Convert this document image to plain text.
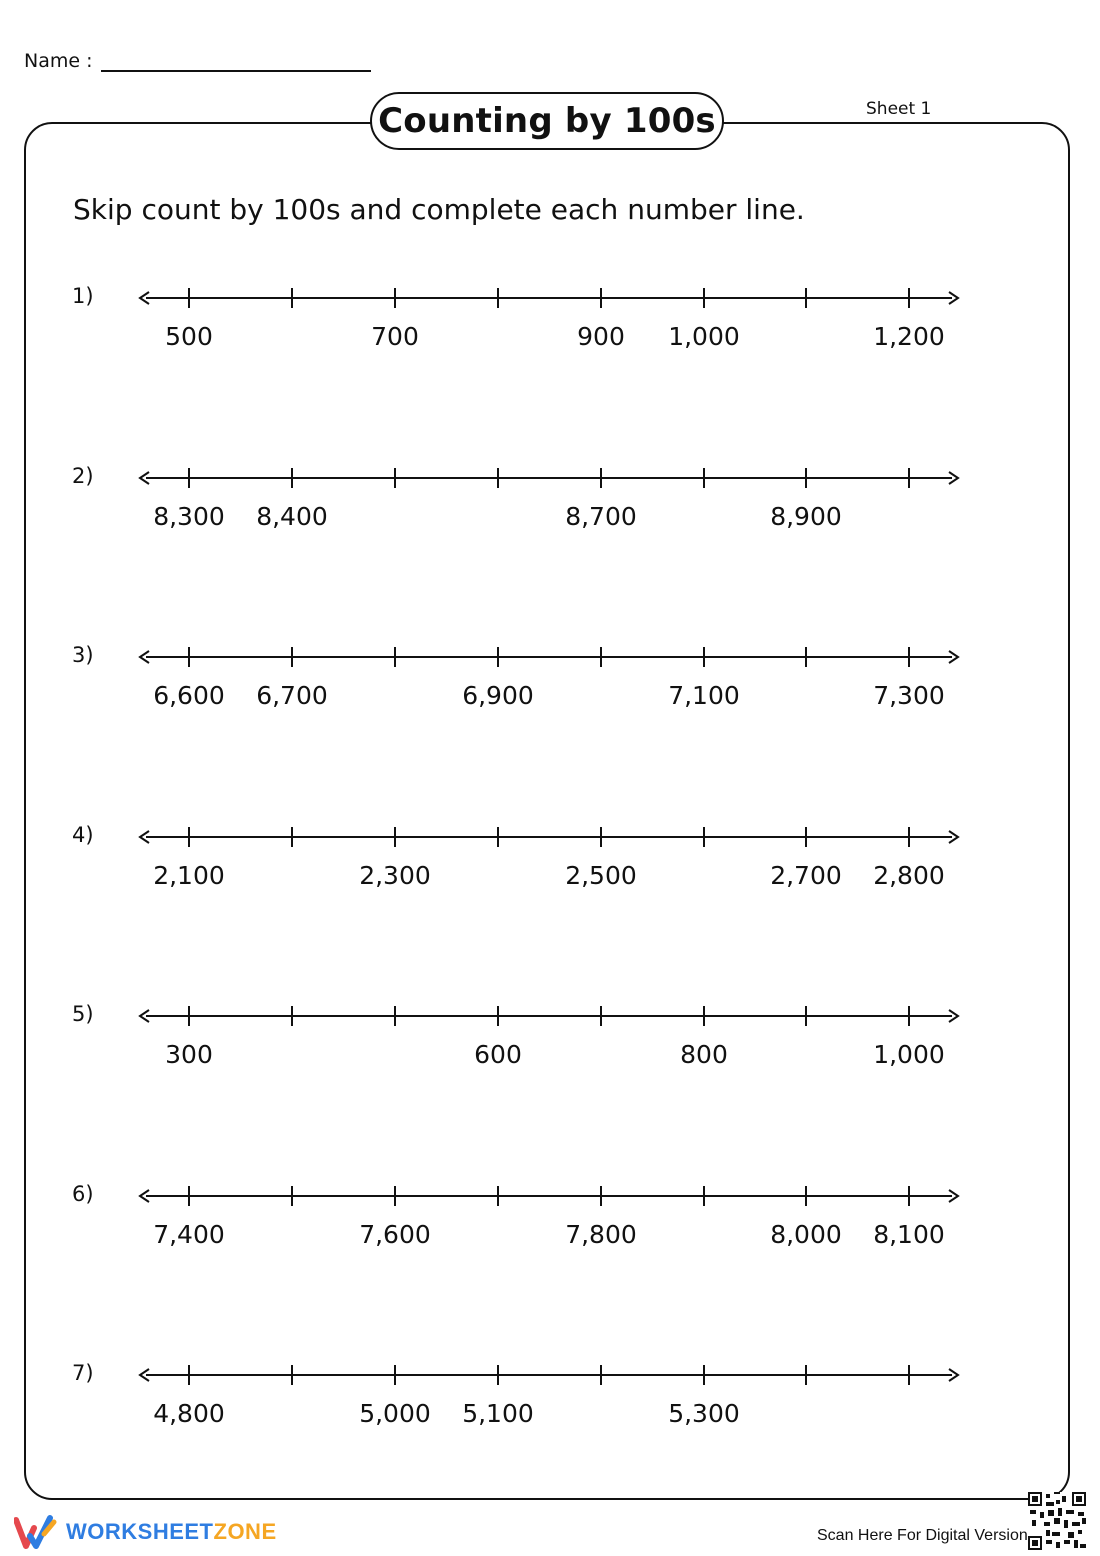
Name :
Counting by 100s	Sheet 1
Skip count by 100s and complete each number line.
1)
500	700	900	1,000	1,200
2)
8,300	8,400	8,700	8,900
3)
6,600	6,700	6,900	7,100	7,300
4)
2,100	2,300	2,500	2,700	2,800
5)
300	600	800	1,000
6)
7,400	7,600	7,800	8,000	8,100
7)
4,800	5,000	5,100	5,300
WORKSHEETZONE	Scan Here For Digital Version
